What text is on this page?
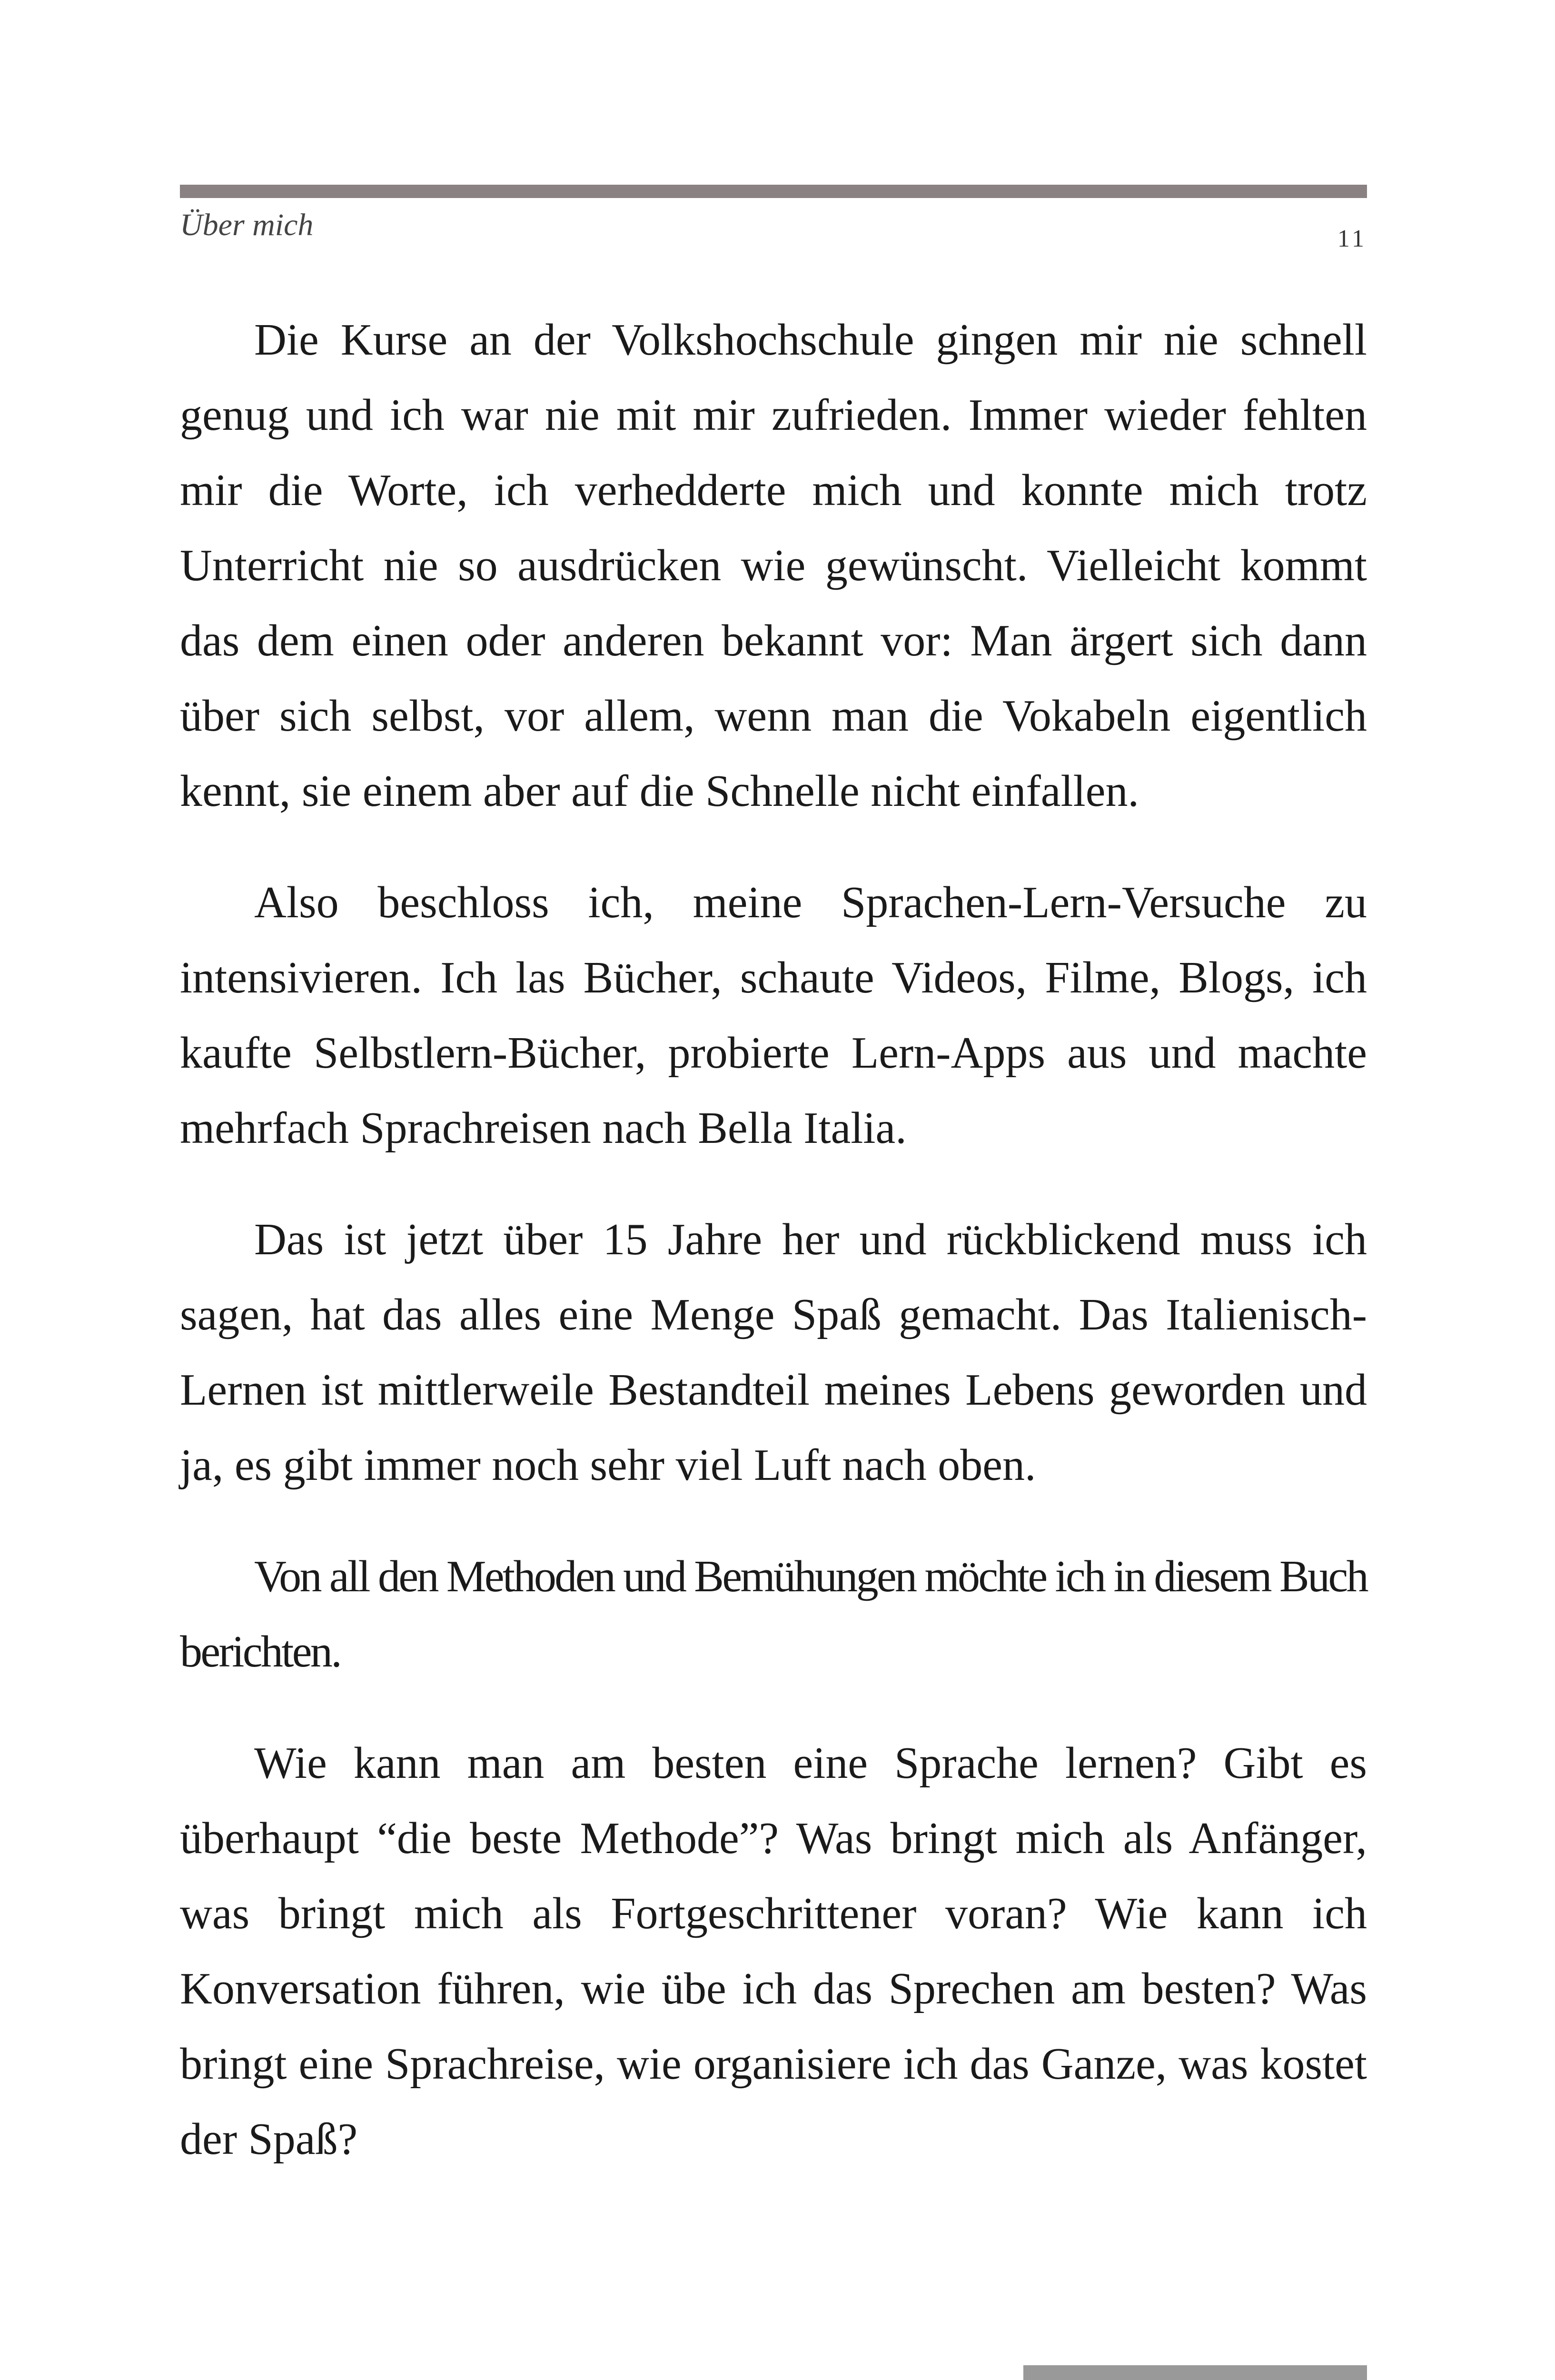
Über mich	11

Die Kurse an der Volkshochschule gingen mir nie schnell genug und ich war nie mit mir zufrieden. Immer wieder fehlten mir die Worte, ich verhedderte mich und konnte mich trotz Unterricht nie so ausdrücken wie gewünscht. Vielleicht kommt das dem einen oder anderen bekannt vor: Man ärgert sich dann über sich selbst, vor allem, wenn man die Vokabeln eigentlich kennt, sie einem aber auf die Schnelle nicht einfallen.

Also beschloss ich, meine Sprachen-Lern-Versuche zu intensivieren. Ich las Bücher, schaute Videos, Filme, Blogs, ich kaufte Selbstlern-Bücher, probierte Lern-Apps aus und machte mehrfach Sprachreisen nach Bella Italia.

Das ist jetzt über 15 Jahre her und rückblickend muss ich sagen, hat das alles eine Menge Spaß gemacht. Das Italienisch-Lernen ist mittlerweile Bestandteil meines Lebens geworden und ja, es gibt immer noch sehr viel Luft nach oben.

Von all den Methoden und Bemühungen möchte ich in diesem Buch berichten.

Wie kann man am besten eine Sprache lernen? Gibt es überhaupt “die beste Methode”? Was bringt mich als Anfänger, was bringt mich als Fortgeschrittener voran? Wie kann ich Konversation führen, wie übe ich das Sprechen am besten? Was bringt eine Sprachreise, wie organisiere ich das Ganze, was kostet der Spaß?
